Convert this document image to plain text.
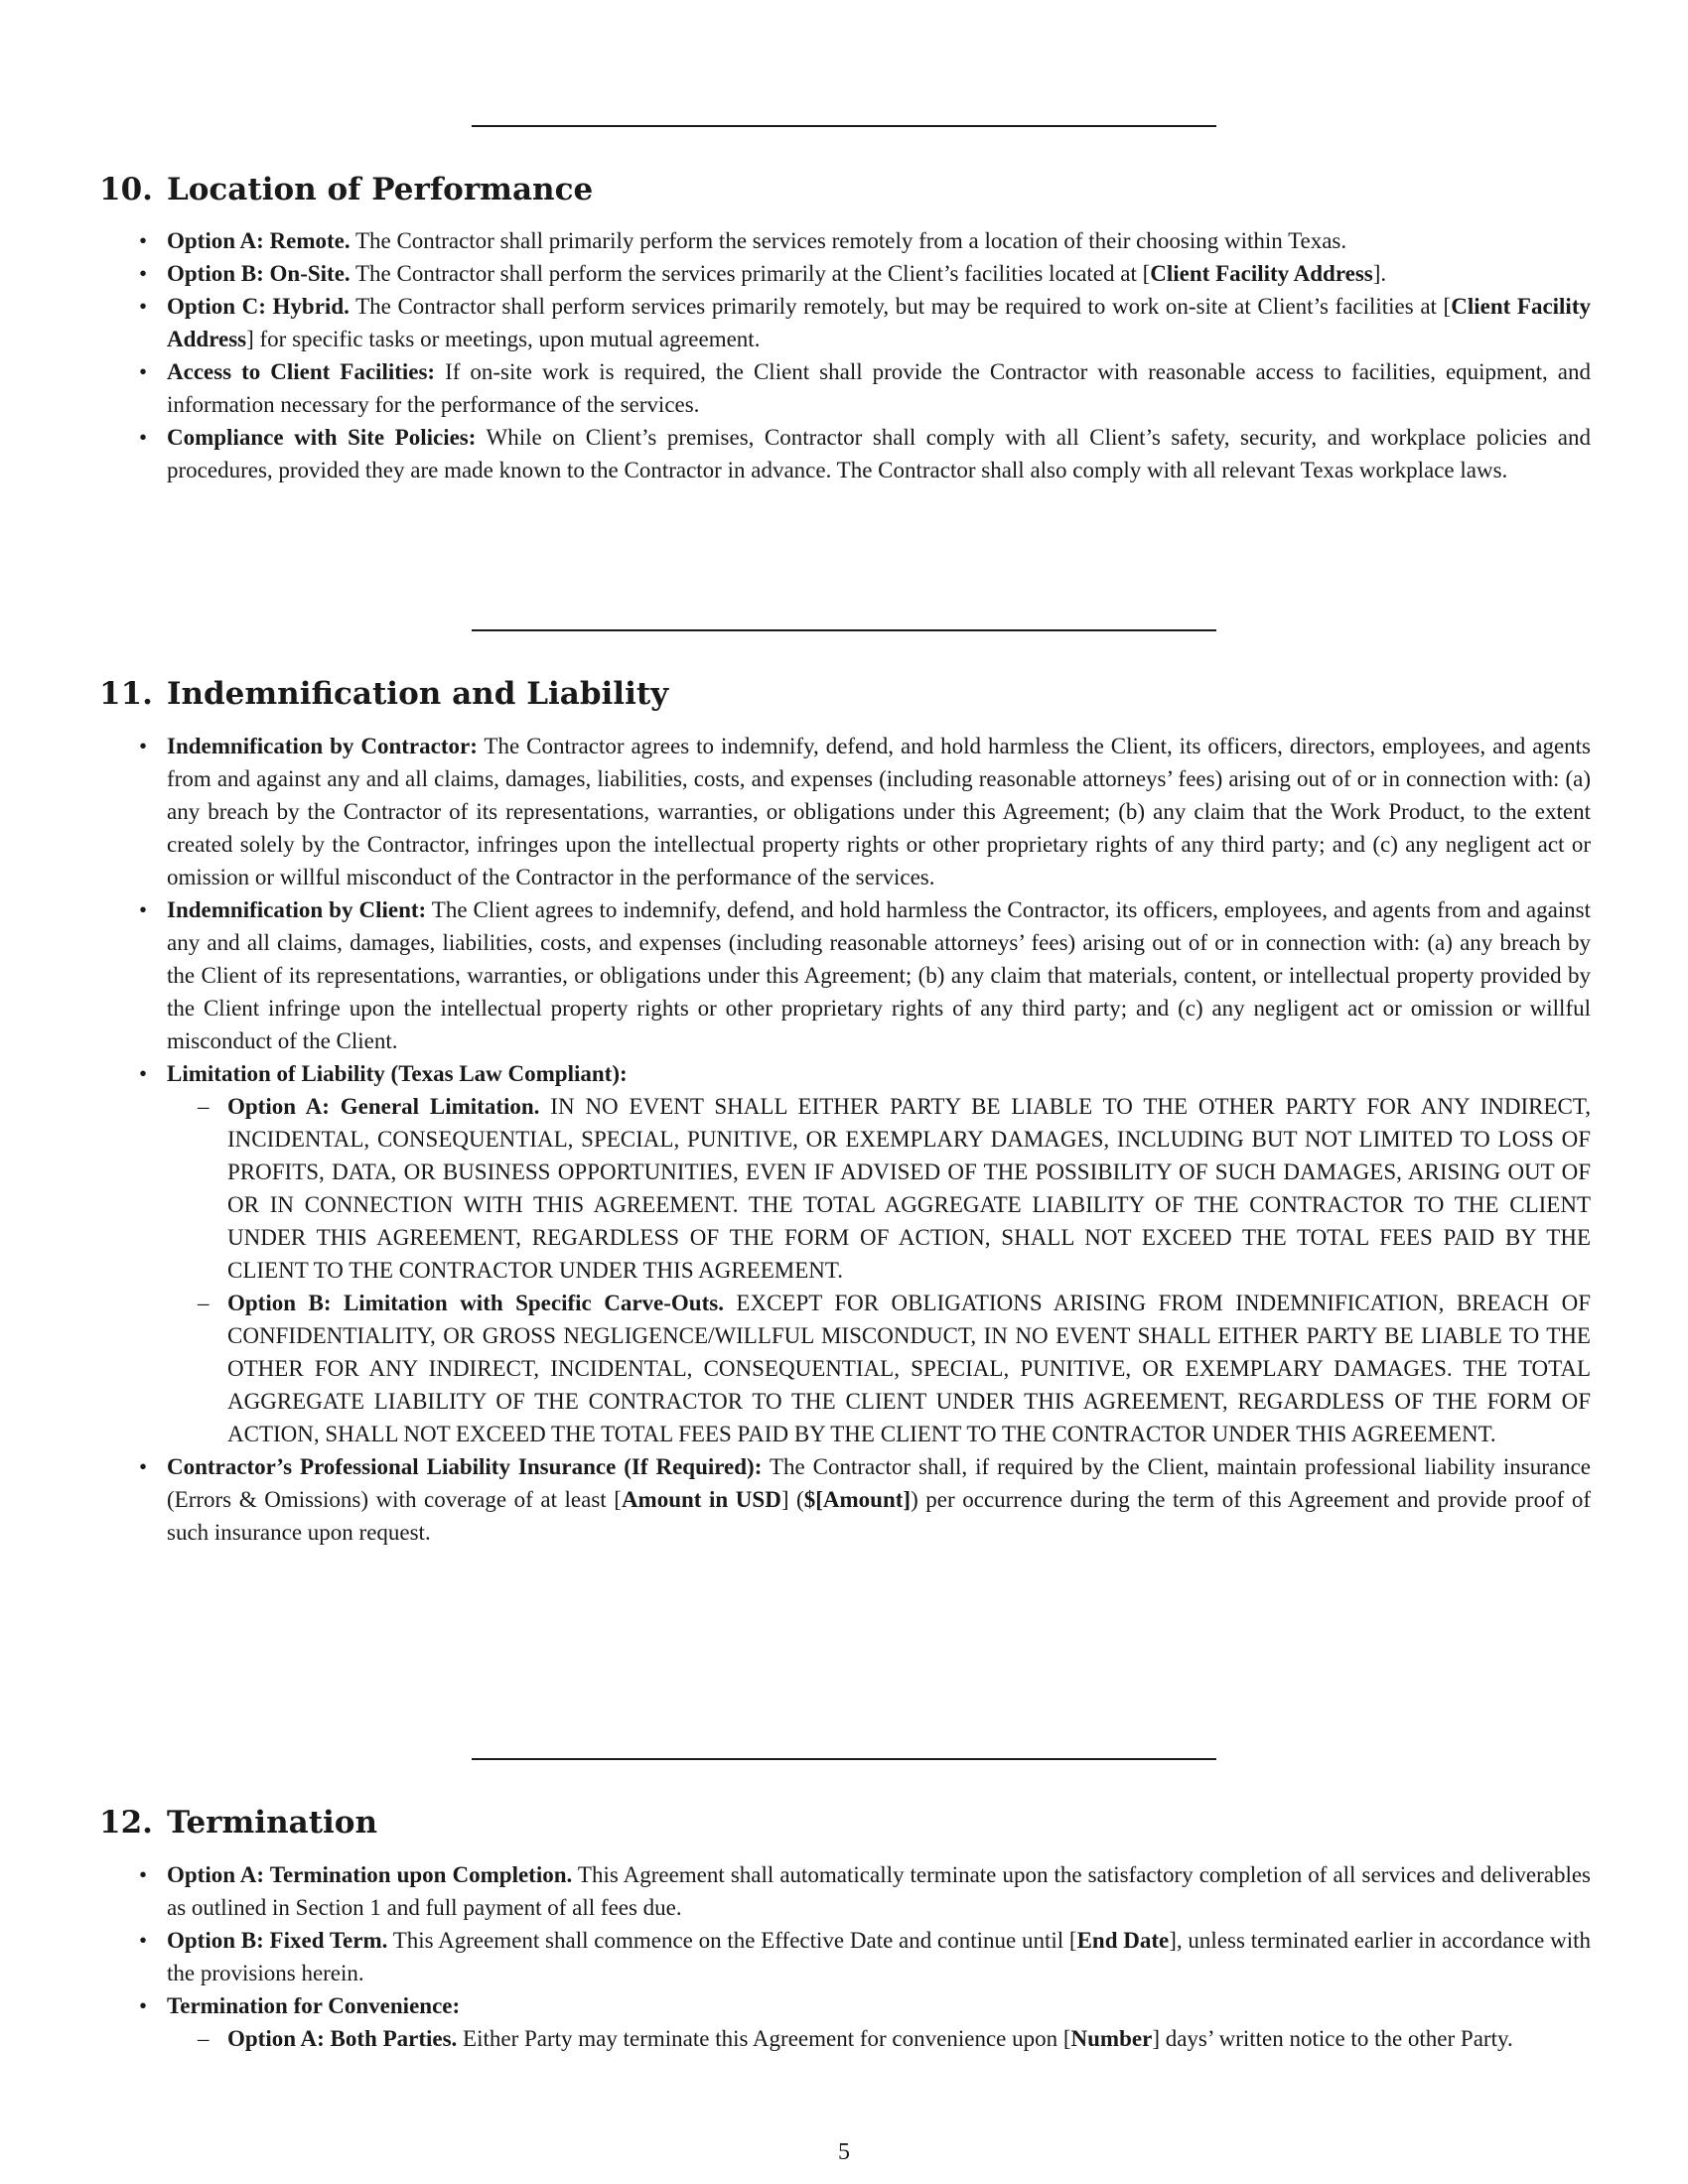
10. Location of Performance
• Option A: Remote. The Contractor shall primarily perform the services remotely from a location of their choosing within Texas.
• Option B: On-Site. The Contractor shall perform the services primarily at the Client’s facilities located at [Client Facility Address].
• Option C: Hybrid. The Contractor shall perform services primarily remotely, but may be required to work on-site at Client’s facilities at [Client Facility Address] for specific tasks or meetings, upon mutual agreement.
• Access to Client Facilities: If on-site work is required, the Client shall provide the Contractor with reasonable access to facilities, equipment, and information necessary for the performance of the services.
• Compliance with Site Policies: While on Client’s premises, Contractor shall comply with all Client’s safety, security, and workplace policies and procedures, provided they are made known to the Contractor in advance. The Contractor shall also comply with all relevant Texas workplace laws.
11. Indemnification and Liability
• Indemnification by Contractor: The Contractor agrees to indemnify, defend, and hold harmless the Client, its officers, directors, employees, and agents from and against any and all claims, damages, liabilities, costs, and expenses (including reasonable attorneys’ fees) arising out of or in connection with: (a) any breach by the Contractor of its representations, warranties, or obligations under this Agreement; (b) any claim that the Work Product, to the extent created solely by the Contractor, infringes upon the intellectual property rights or other proprietary rights of any third party; and (c) any negligent act or omission or willful misconduct of the Contractor in the performance of the services.
• Indemnification by Client: The Client agrees to indemnify, defend, and hold harmless the Contractor, its officers, employees, and agents from and against any and all claims, damages, liabilities, costs, and expenses (including reasonable attorneys’ fees) arising out of or in connection with: (a) any breach by the Client of its representations, warranties, or obligations under this Agreement; (b) any claim that materials, content, or intellectual property provided by the Client infringe upon the intellectual property rights or other proprietary rights of any third party; and (c) any negligent act or omission or willful misconduct of the Client.
• Limitation of Liability (Texas Law Compliant):
– Option A: General Limitation. IN NO EVENT SHALL EITHER PARTY BE LIABLE TO THE OTHER PARTY FOR ANY INDIRECT, INCIDENTAL, CONSEQUENTIAL, SPECIAL, PUNITIVE, OR EXEMPLARY DAMAGES, INCLUDING BUT NOT LIMITED TO LOSS OF PROFITS, DATA, OR BUSINESS OPPORTUNITIES, EVEN IF ADVISED OF THE POSSIBILITY OF SUCH DAMAGES, ARISING OUT OF OR IN CONNECTION WITH THIS AGREEMENT. THE TOTAL AGGREGATE LIABILITY OF THE CONTRACTOR TO THE CLIENT UNDER THIS AGREEMENT, REGARDLESS OF THE FORM OF ACTION, SHALL NOT EXCEED THE TOTAL FEES PAID BY THE CLIENT TO THE CONTRACTOR UNDER THIS AGREEMENT.
– Option B: Limitation with Specific Carve-Outs. EXCEPT FOR OBLIGATIONS ARISING FROM INDEMNIFICATION, BREACH OF CONFIDENTIALITY, OR GROSS NEGLIGENCE/WILLFUL MISCONDUCT, IN NO EVENT SHALL EITHER PARTY BE LIABLE TO THE OTHER FOR ANY INDIRECT, INCIDENTAL, CONSEQUENTIAL, SPECIAL, PUNITIVE, OR EXEMPLARY DAMAGES. THE TOTAL AGGREGATE LIABILITY OF THE CONTRACTOR TO THE CLIENT UNDER THIS AGREEMENT, REGARDLESS OF THE FORM OF ACTION, SHALL NOT EXCEED THE TOTAL FEES PAID BY THE CLIENT TO THE CONTRACTOR UNDER THIS AGREEMENT.
• Contractor’s Professional Liability Insurance (If Required): The Contractor shall, if required by the Client, maintain professional liability insurance (Errors & Omissions) with coverage of at least [Amount in USD] ($[Amount]) per occurrence during the term of this Agreement and provide proof of such insurance upon request.
12. Termination
• Option A: Termination upon Completion. This Agreement shall automatically terminate upon the satisfactory completion of all services and deliverables as outlined in Section 1 and full payment of all fees due.
• Option B: Fixed Term. This Agreement shall commence on the Effective Date and continue until [End Date], unless terminated earlier in accordance with the provisions herein.
• Termination for Convenience:
– Option A: Both Parties. Either Party may terminate this Agreement for convenience upon [Number] days’ written notice to the other Party.
5
